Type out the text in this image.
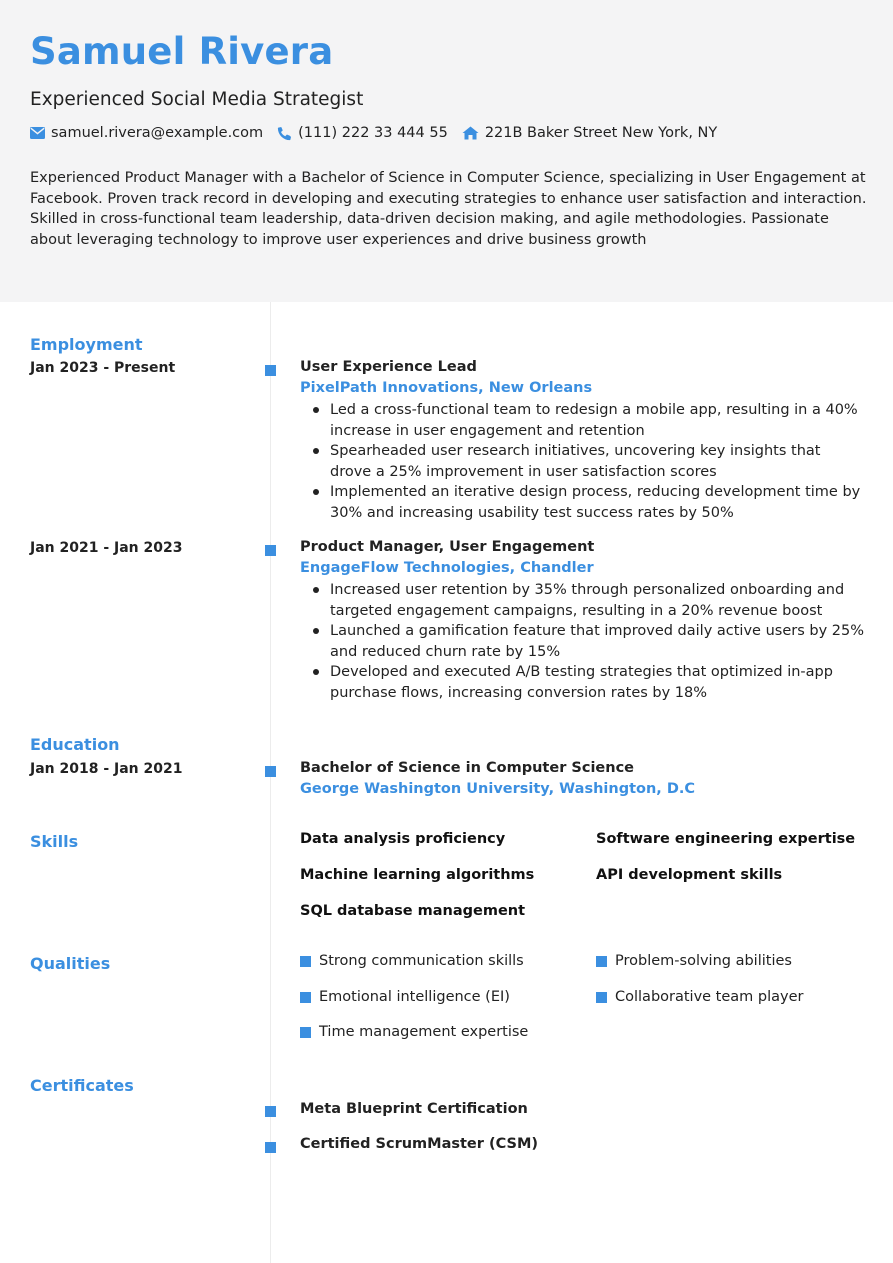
Samuel Rivera
Experienced Social Media Strategist
samuel.rivera@example.com (111) 222 33 444 55	221B Baker Street New York, NY
Experienced Product Manager with a Bachelor of Science in Computer Science, specializing in User Engagement at Facebook. Proven track record in developing and executing strategies to enhance user satisfaction and interaction. Skilled in cross-functional team leadership, data-driven decision making, and agile methodologies. Passionate about leveraging technology to improve user experiences and drive business growth
Employment
Jan 2023 - Present	User Experience Lead
PixelPath Innovations, New Orleans
Led a cross-functional team to redesign a mobile app, resulting in a 40% increase in user engagement and retention
Spearheaded user research initiatives, uncovering key insights that drove a 25% improvement in user satisfaction scores
Implemented an iterative design process, reducing development time by 30% and increasing usability test success rates by 50%
Jan 2021 - Jan 2023	Product Manager, User Engagement
EngageFlow Technologies, Chandler
Increased user retention by 35% through personalized onboarding and targeted engagement campaigns, resulting in a 20% revenue boost
Launched a gamification feature that improved daily active users by 25% and reduced churn rate by 15%
Developed and executed A/B testing strategies that optimized in-app purchase flows, increasing conversion rates by 18%
Education
Jan 2018 - Jan 2021	Bachelor of Science in Computer Science
George Washington University, Washington, D.C
Skills	Data analysis proficiency	Software engineering expertise
Machine learning algorithms	API development skills
SQL database management
Qualities	Strong communication skills	Problem-solving abilities
Emotional intelligence (EI)	Collaborative team player
Time management expertise
Certificates
Meta Blueprint Certification
Certified ScrumMaster (CSM)
